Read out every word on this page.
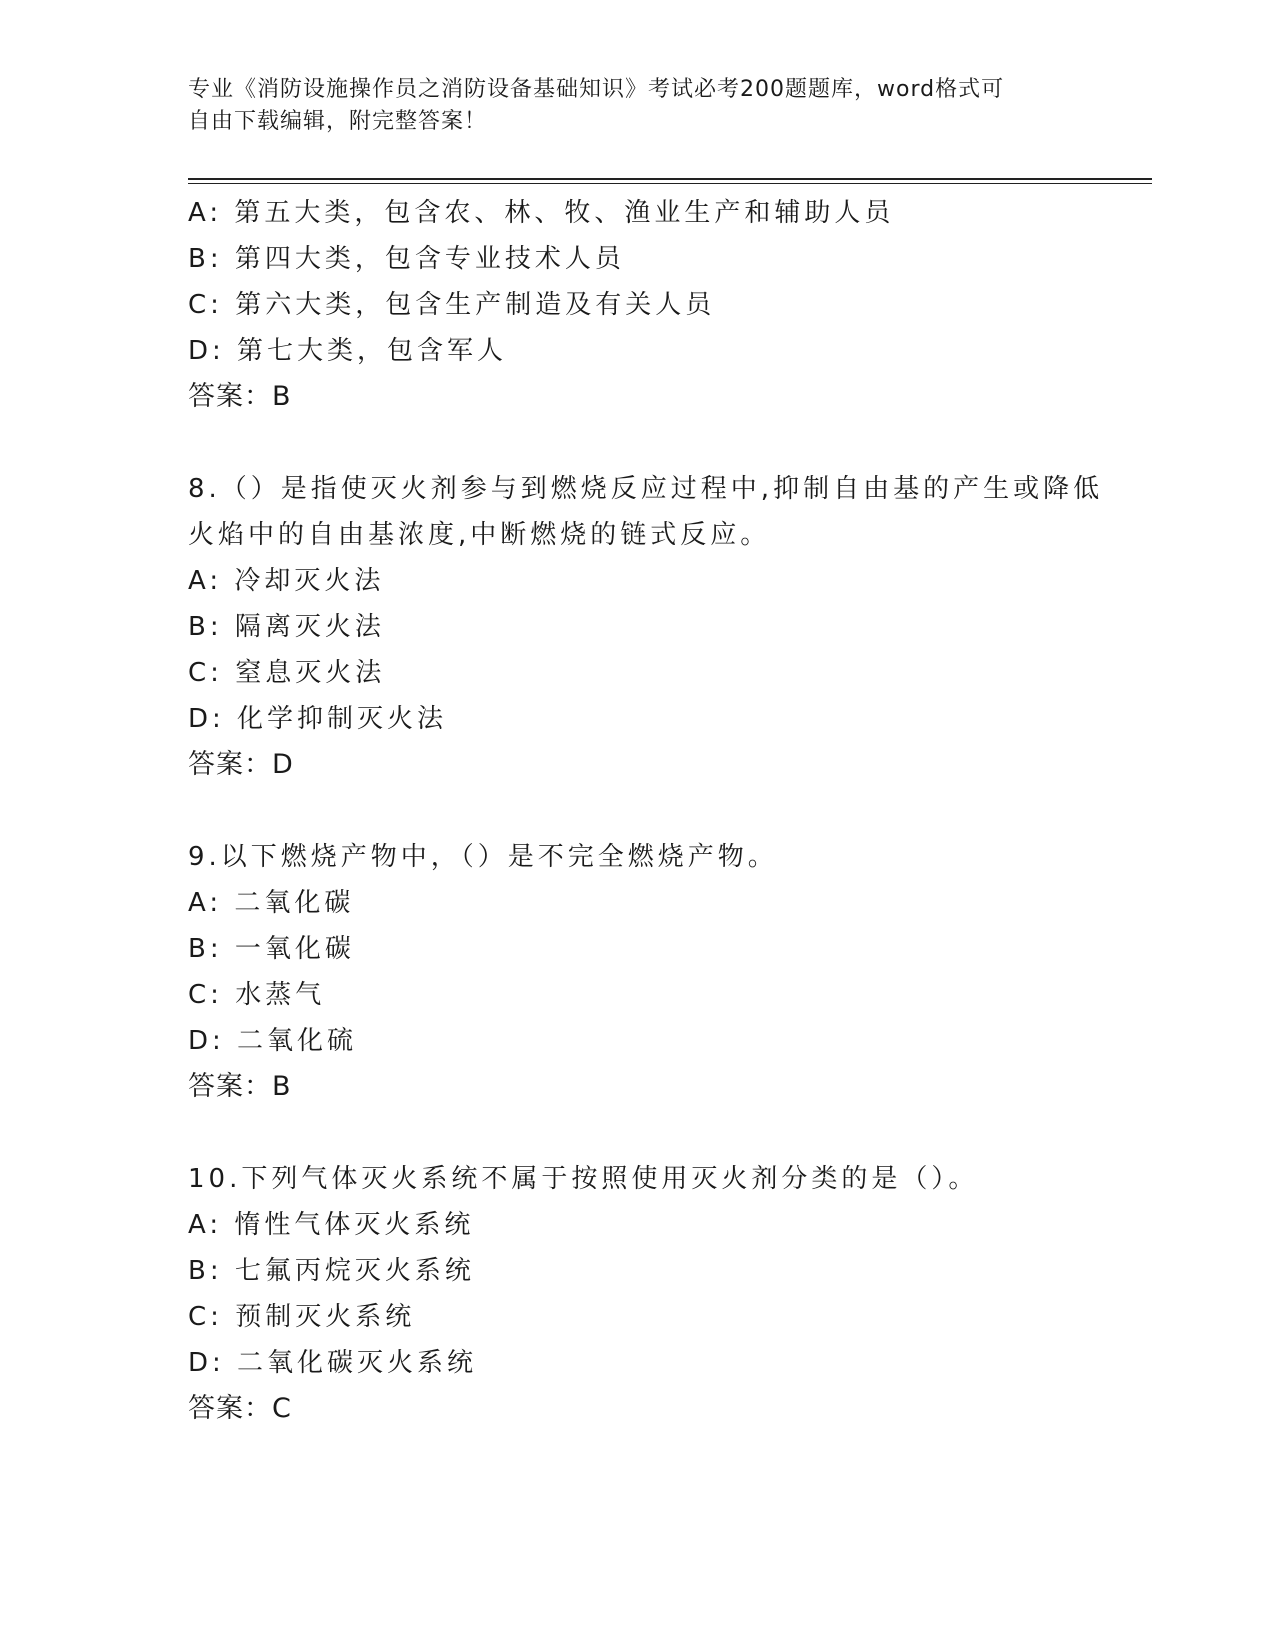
专业《消防设施操作员之消防设备基础知识》考试必考200题题库，word格式可
自由下载编辑，附完整答案！
A: 第五大类，包含农、林、牧、渔业生产和辅助人员
B: 第四大类，包含专业技术人员
C: 第六大类，包含生产制造及有关人员
D: 第七大类，包含军人
答案：B
8.（）是指使灭火剂参与到燃烧反应过程中,抑制自由基的产生或降低
火焰中的自由基浓度,中断燃烧的链式反应。
A: 冷却灭火法
B: 隔离灭火法
C: 窒息灭火法
D: 化学抑制灭火法
答案：D
9.以下燃烧产物中，（）是不完全燃烧产物。
A: 二氧化碳
B: 一氧化碳
C: 水蒸气
D: 二氧化硫
答案：B
10.下列气体灭火系统不属于按照使用灭火剂分类的是（）。
A: 惰性气体灭火系统
B: 七氟丙烷灭火系统
C: 预制灭火系统
D: 二氧化碳灭火系统
答案：C
